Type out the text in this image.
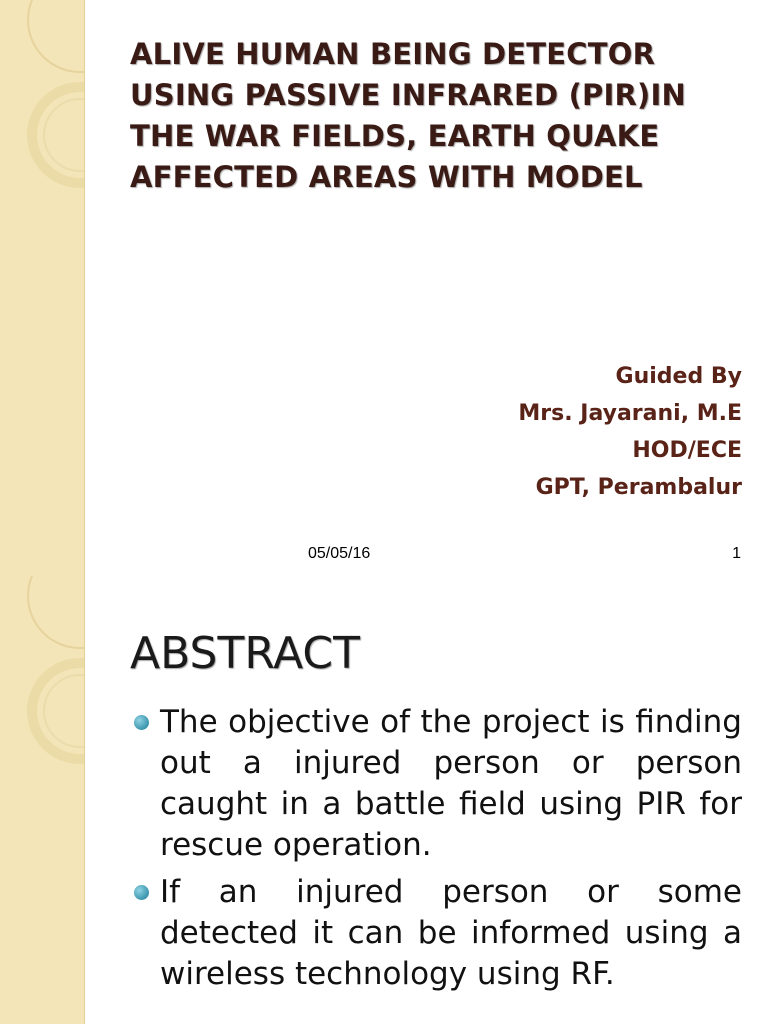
ALIVE HUMAN BEING DETECTOR USING PASSIVE INFRARED (PIR)IN THE WAR FIELDS, EARTH QUAKE AFFECTED AREAS WITH MODEL
Guided By
Mrs. Jayarani, M.E
HOD/ECE
GPT, Perambalur
05/05/16	1
ABSTRACT
The objective of the project is finding out a injured person or person caught in a battle field using PIR for rescue operation.
If an injured person or some detected it can be informed using a wireless technology using RF.
